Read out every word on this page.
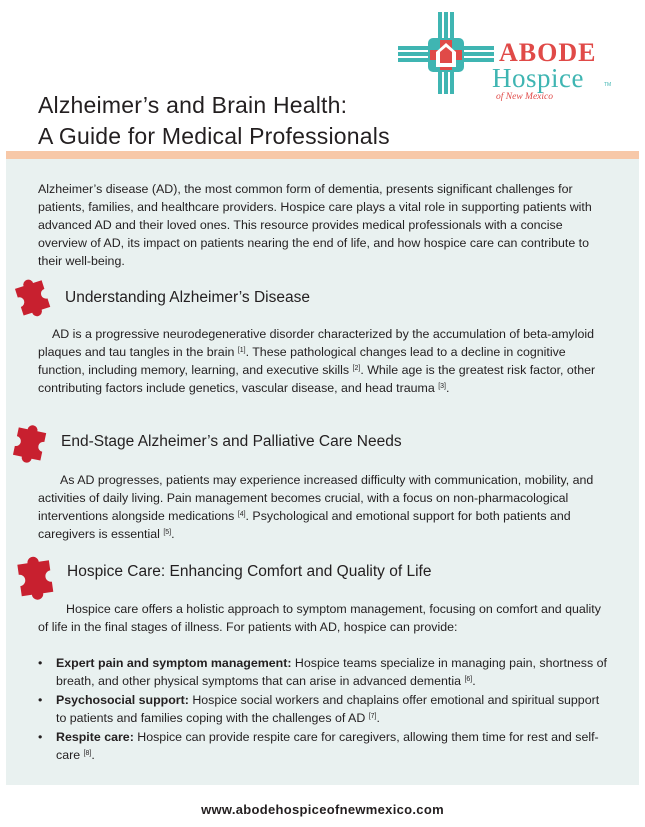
Alzheimer’s and Brain Health:
A Guide for Medical Professionals
ABODE
Hospice	TM
of New Mexico

Alzheimer’s disease (AD), the most common form of dementia, presents significant challenges for patients, families, and healthcare providers. Hospice care plays a vital role in supporting patients with advanced AD and their loved ones. This resource provides medical professionals with a concise overview of AD, its impact on patients nearing the end of life, and how hospice care can contribute to their well-being.

Understanding Alzheimer’s Disease

AD is a progressive neurodegenerative disorder characterized by the accumulation of beta-amyloid plaques and tau tangles in the brain [1]. These pathological changes lead to a decline in cognitive function, including memory, learning, and executive skills [2]. While age is the greatest risk factor, other contributing factors include genetics, vascular disease, and head trauma [3].

End-Stage Alzheimer’s and Palliative Care Needs

As AD progresses, patients may experience increased difficulty with communication, mobility, and activities of daily living. Pain management becomes crucial, with a focus on non-pharmacological interventions alongside medications [4]. Psychological and emotional support for both patients and caregivers is essential [5].

Hospice Care: Enhancing Comfort and Quality of Life

Hospice care offers a holistic approach to symptom management, focusing on comfort and quality of life in the final stages of illness. For patients with AD, hospice can provide:

• Expert pain and symptom management: Hospice teams specialize in managing pain, shortness of breath, and other physical symptoms that can arise in advanced dementia [6].
• Psychosocial support: Hospice social workers and chaplains offer emotional and spiritual support to patients and families coping with the challenges of AD [7].
• Respite care: Hospice can provide respite care for caregivers, allowing them time for rest and self-care [8].
www.abodehospiceofnewmexico.com
